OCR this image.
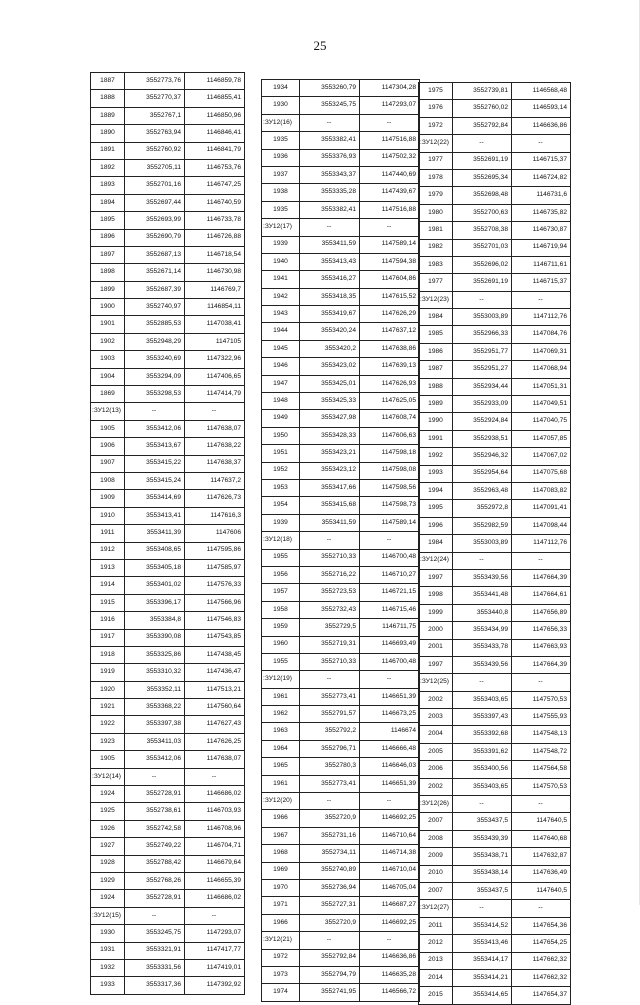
25
1887	3552773,76	1146859,78
1888	3552770,37	1146855,41
1889	3552767,1	1146850,96
1890	3552763,94	1146846,41
1891	3552760,92	1146841,79
1892	3552705,11	1146753,76
1893	3552701,16	1146747,25
1894	3552697,44	1146740,59
1895	3552693,99	1146733,78
1896	3552690,79	1146726,88
1897	3552687,13	1146718,54
1898	3552671,14	1146730,98
1899	3552687,39	1146769,7
1900	3552740,97	1146854,11
1901	3552885,53	1147038,41
1902	3552948,29	1147105
1903	3553240,69	1147322,96
1904	3553294,09	1147406,65
1869	3553298,53	1147414,79
:ЗУ12(13)	--	--
1905	3553412,06	1147638,07
1906	3553413,67	1147638,22
1907	3553415,22	1147638,37
1908	3553415,24	1147637,2
1909	3553414,69	1147626,73
1910	3553413,41	1147616,3
1911	3553411,39	1147606
1912	3553408,65	1147595,86
1913	3553405,18	1147585,97
1914	3553401,02	1147576,33
1915	3553396,17	1147566,96
1916	3553384,8	1147546,83
1917	3553390,08	1147543,85
1918	3553325,86	1147438,45
1919	3553310,32	1147436,47
1920	3553352,11	1147513,21
1921	3553368,22	1147560,64
1922	3553397,38	1147627,43
1923	3553411,03	1147626,25
1905	3553412,06	1147638,07
:ЗУ12(14)	--	--
1924	3552728,91	1146686,02
1925	3552738,61	1146703,93
1926	3552742,58	1146708,96
1927	3552749,22	1146704,71
1928	3552788,42	1146679,64
1929	3552768,26	1146655,39
1924	3552728,91	1146686,02
:ЗУ12(15)	--	--
1930	3553245,75	1147293,07
1931	3553321,91	1147417,77
1932	3553331,56	1147419,01
1933	3553317,36	1147392,92
1934	3553260,79	1147304,28
1930	3553245,75	1147293,07
:ЗУ12(16)	--	--
1935	3553382,41	1147516,88
1936	3553376,93	1147502,32
1937	3553343,37	1147440,69
1938	3553335,28	1147439,67
1935	3553382,41	1147516,88
:ЗУ12(17)	--	--
1939	3553411,59	1147589,14
1940	3553413,43	1147594,38
1941	3553416,27	1147604,86
1942	3553418,35	1147615,52
1943	3553419,67	1147626,29
1944	3553420,24	1147637,12
1945	3553420,2	1147638,86
1946	3553423,02	1147639,13
1947	3553425,01	1147626,93
1948	3553425,33	1147625,05
1949	3553427,98	1147608,74
1950	3553428,33	1147606,63
1951	3553423,21	1147598,18
1952	3553423,12	1147598,08
1953	3553417,66	1147598,56
1954	3553415,68	1147598,73
1939	3553411,59	1147589,14
:ЗУ12(18)	--	--
1955	3552710,33	1146700,48
1956	3552716,22	1146710,27
1957	3552723,53	1146721,15
1958	3552732,43	1146715,46
1959	3552729,5	1146711,75
1960	3552719,31	1146693,49
1955	3552710,33	1146700,48
:ЗУ12(19)	--	--
1961	3552773,41	1146651,39
1962	3552791,57	1146673,25
1963	3552792,2	1146674
1964	3552796,71	1146666,48
1965	3552780,3	1146646,03
1961	3552773,41	1146651,39
:ЗУ12(20)	--	--
1966	3552720,9	1146692,25
1967	3552731,16	1146710,64
1968	3552734,11	1146714,38
1969	3552740,89	1146710,04
1970	3552736,94	1146705,04
1971	3552727,31	1146687,27
1966	3552720,9	1146692,25
:ЗУ12(21)	--	--
1972	3552792,84	1146636,86
1973	3552794,79	1146635,28
1974	3552741,95	1146566,72
1975	3552739,81	1146568,48
1976	3552760,02	1146593,14
1972	3552792,84	1146636,86
:ЗУ12(22)	--	--
1977	3552691,19	1146715,37
1978	3552695,34	1146724,82
1979	3552698,48	1146731,6
1980	3552700,63	1146735,82
1981	3552708,38	1146730,87
1982	3552701,03	1146719,94
1983	3552696,02	1146711,61
1977	3552691,19	1146715,37
:ЗУ12(23)	--	--
1984	3553003,89	1147112,76
1985	3552966,33	1147084,76
1986	3552951,77	1147069,31
1987	3552951,27	1147068,94
1988	3552934,44	1147051,31
1989	3552933,09	1147049,51
1990	3552924,84	1147040,75
1991	3552938,51	1147057,85
1992	3552946,32	1147067,02
1993	3552954,64	1147075,68
1994	3552963,48	1147083,82
1995	3552972,8	1147091,41
1996	3552982,59	1147098,44
1984	3553003,89	1147112,76
:ЗУ12(24)	--	--
1997	3553439,56	1147664,39
1998	3553441,48	1147664,61
1999	3553440,8	1147656,89
2000	3553434,99	1147656,33
2001	3553433,78	1147663,93
1997	3553439,56	1147664,39
:ЗУ12(25)	--	--
2002	3553403,65	1147570,53
2003	3553397,43	1147555,93
2004	3553392,68	1147548,13
2005	3553391,62	1147548,72
2006	3553400,56	1147564,58
2002	3553403,65	1147570,53
:ЗУ12(26)	--	--
2007	3553437,5	1147640,5
2008	3553439,39	1147640,68
2009	3553438,71	1147632,87
2010	3553438,14	1147636,49
2007	3553437,5	1147640,5
:ЗУ12(27)	--	--
2011	3553414,52	1147654,36
2012	3553413,46	1147654,25
2013	3553414,17	1147662,32
2014	3553414,21	1147662,32
2015	3553414,65	1147654,37
